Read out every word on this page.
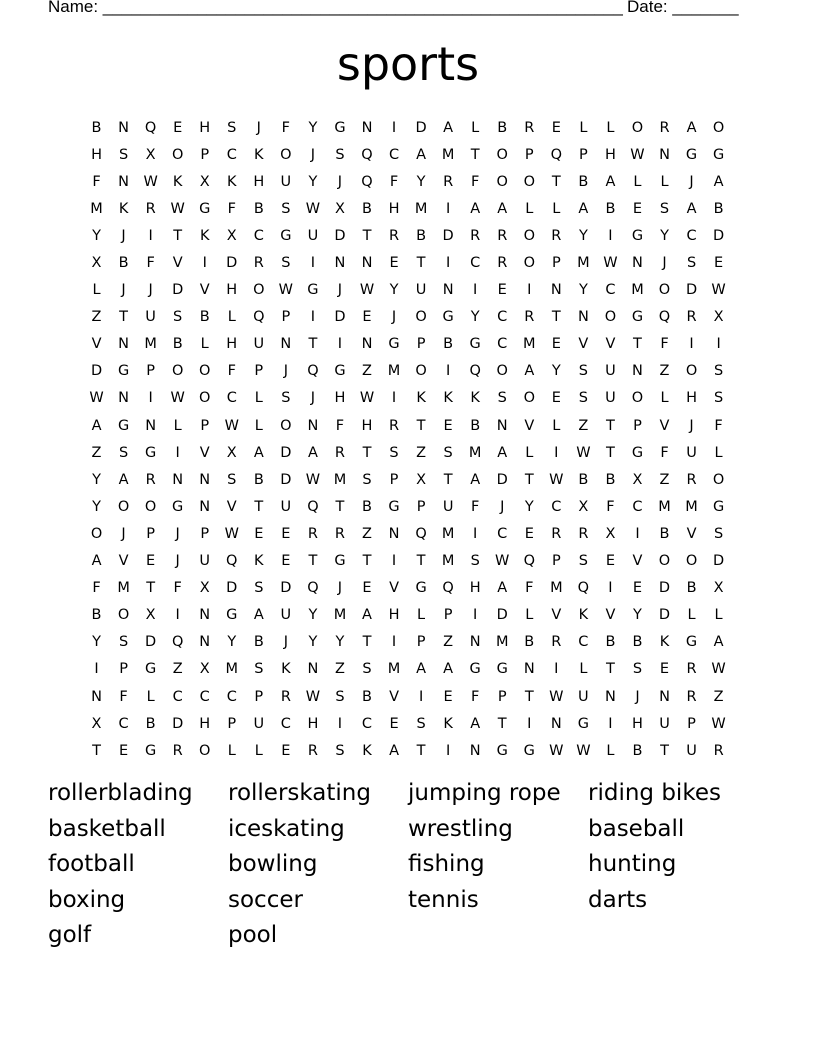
Name: _______________________________________________________ Date: _______
sports
B	N	Q	E	H	S	J	F	Y	G	N	I	D	A	L	B	R	E	L	L	O	R	A	O
H	S	X	O	P	C	K	O	J	S	Q	C	A	M	T	O	P	Q	P	H W N	G	G
F	N W	K	X	K	H	U	Y	J	Q	F	Y	R	F	O	O	T	B	A	L	L	J	A
M	K	R	W G	F	B	S	W	X	B	H	M	I	A	A	L	L	A	B	E	S	A	B
Y	J	I	T	K	X	C	G	U	D	T	R	B	D	R	R	O	R	Y	I	G	Y	C	D
X	B	F	V	I	D	R	S	I	N	N	E	T	I	C	R	O	P	M W N	J	S	E
L	J	J	D	V	H	O W G	J	W	Y	U	N	I	E	I	N	Y	C	M	O	D W
Z	T	U	S	B	L	Q	P	I	D	E	J	O	G	Y	C	R	T	N	O	G	Q	R	X
V	N	M	B	L	H	U	N	T	I	N	G	P	B	G	C	M	E	V	V	T	F	I	I
D	G	P	O	O	F	P	J	Q	G	Z	M	O	I	Q	O	A	Y	S	U	N	Z	O	S
W N	I	W O	C	L	S	J	H W	I	K	K	K	S	O	E	S	U	O	L	H	S
A	G	N	L	P	W	L	O	N	F	H	R	T	E	B	N	V	L	Z	T	P	V	J	F
Z	S	G	I	V	X	A	D	A	R	T	S	Z	S	M	A	L	I	W	T	G	F	U	L
Y	A	R	N	N	S	B	D W M	S	P	X	T	A	D	T	W	B	B	X	Z	R	O
Y	O	O	G	N	V	T	U	Q	T	B	G	P	U	F	J	Y	C	X	F	C	M	M	G
O	J	P	J	P	W	E	E	R	R	Z	N	Q	M	I	C	E	R	R	X	I	B	V	S
A	V	E	J	U	Q	K	E	T	G	T	I	T	M	S	W Q	P	S	E	V	O	O	D
F	M	T	F	X	D	S	D	Q	J	E	V	G	Q	H	A	F	M	Q	I	E	D	B	X
B	O	X	I	N	G	A	U	Y	M	A	H	L	P	I	D	L	V	K	V	Y	D	L	L
Y	S	D	Q	N	Y	B	J	Y	Y	T	I	P	Z	N	M	B	R	C	B	B	K	G	A
I	P	G	Z	X	M	S	K	N	Z	S	M	A	A	G	G	N	I	L	T	S	E	R	W
N	F	L	C	C	C	P	R	W	S	B	V	I	E	F	P	T	W	U	N	J	N	R	Z
X	C	B	D	H	P	U	C	H	I	C	E	S	K	A	T	I	N	G	I	H	U	P	W
T	E	G	R	O	L	L	E	R	S	K	A	T	I	N	G	G W W	L	B	T	U	R
rollerblading	rollerskating	jumping rope	riding bikes
basketball	iceskating	wrestling	baseball
football	bowling	fishing	hunting
boxing	soccer	tennis	darts
golf	pool
